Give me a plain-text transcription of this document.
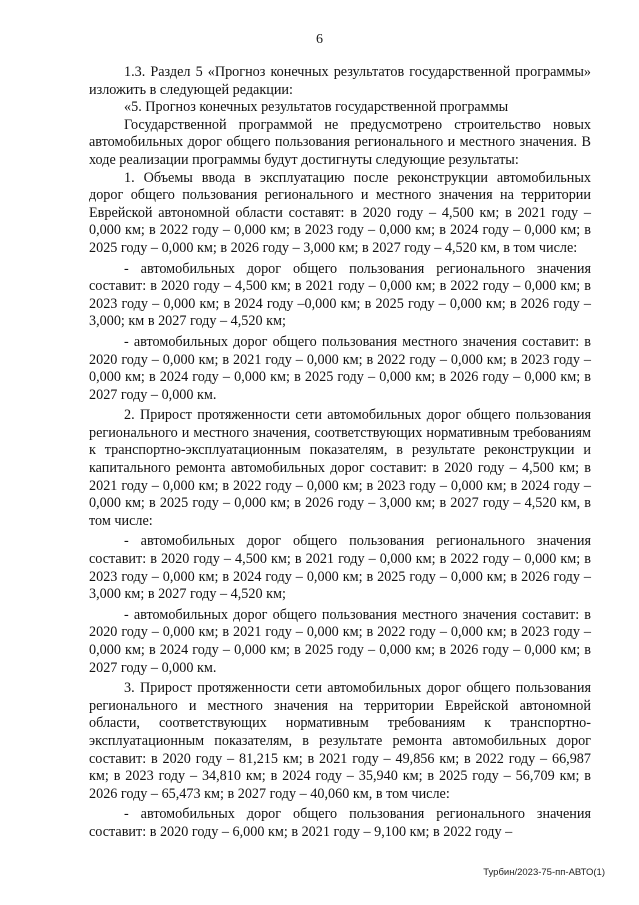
6

1.3. Раздел 5 «Прогноз конечных результатов государственной программы» изложить в следующей редакции:

«5. Прогноз конечных результатов государственной программы

Государственной программой не предусмотрено строительство новых автомобильных дорог общего пользования регионального и местного значения. В ходе реализации программы будут достигнуты следующие результаты:

1. Объемы ввода в эксплуатацию после реконструкции автомобильных дорог общего пользования регионального и местного значения на территории Еврейской автономной области составят: в 2020 году – 4,500 км; в 2021 году – 0,000 км; в 2022 году – 0,000 км; в 2023 году – 0,000 км; в 2024 году – 0,000 км; в 2025 году – 0,000 км; в 2026 году – 3,000 км; в 2027 году – 4,520 км, в том числе:

- автомобильных дорог общего пользования регионального значения составит: в 2020 году – 4,500 км; в 2021 году – 0,000 км; в 2022 году – 0,000 км; в 2023 году – 0,000 км; в 2024 году –0,000 км; в 2025 году – 0,000 км; в 2026 году – 3,000; км в 2027 году – 4,520 км;

- автомобильных дорог общего пользования местного значения составит: в 2020 году – 0,000 км; в 2021 году – 0,000 км; в 2022 году – 0,000 км; в 2023 году – 0,000 км; в 2024 году – 0,000 км; в 2025 году – 0,000 км; в 2026 году – 0,000 км; в 2027 году – 0,000 км.

2. Прирост протяженности сети автомобильных дорог общего пользования регионального и местного значения, соответствующих нормативным требованиям к транспортно-эксплуатационным показателям, в результате реконструкции и капитального ремонта автомобильных дорог составит: в 2020 году – 4,500 км; в 2021 году – 0,000 км; в 2022 году – 0,000 км; в 2023 году – 0,000 км; в 2024 году – 0,000 км; в 2025 году – 0,000 км; в 2026 году – 3,000 км; в 2027 году – 4,520 км, в том числе:

- автомобильных дорог общего пользования регионального значения составит: в 2020 году – 4,500 км; в 2021 году – 0,000 км; в 2022 году – 0,000 км; в 2023 году – 0,000 км; в 2024 году – 0,000 км; в 2025 году – 0,000 км; в 2026 году – 3,000 км; в 2027 году – 4,520 км;

- автомобильных дорог общего пользования местного значения составит: в 2020 году – 0,000 км; в 2021 году – 0,000 км; в 2022 году – 0,000 км; в 2023 году – 0,000 км; в 2024 году – 0,000 км; в 2025 году – 0,000 км; в 2026 году – 0,000 км; в 2027 году – 0,000 км.

3. Прирост протяженности сети автомобильных дорог общего пользования регионального и местного значения на территории Еврейской автономной области, соответствующих нормативным требованиям к транспортно-эксплуатационным показателям, в результате ремонта автомобильных дорог составит: в 2020 году – 81,215 км; в 2021 году – 49,856 км; в 2022 году – 66,987 км; в 2023 году – 34,810 км; в 2024 году – 35,940 км; в 2025 году – 56,709 км; в 2026 году – 65,473 км; в 2027 году – 40,060 км, в том числе:

- автомобильных дорог общего пользования регионального значения составит: в 2020 году – 6,000 км; в 2021 году – 9,100 км; в 2022 году –

Турбин/2023-75-пп-АВТО(1)
